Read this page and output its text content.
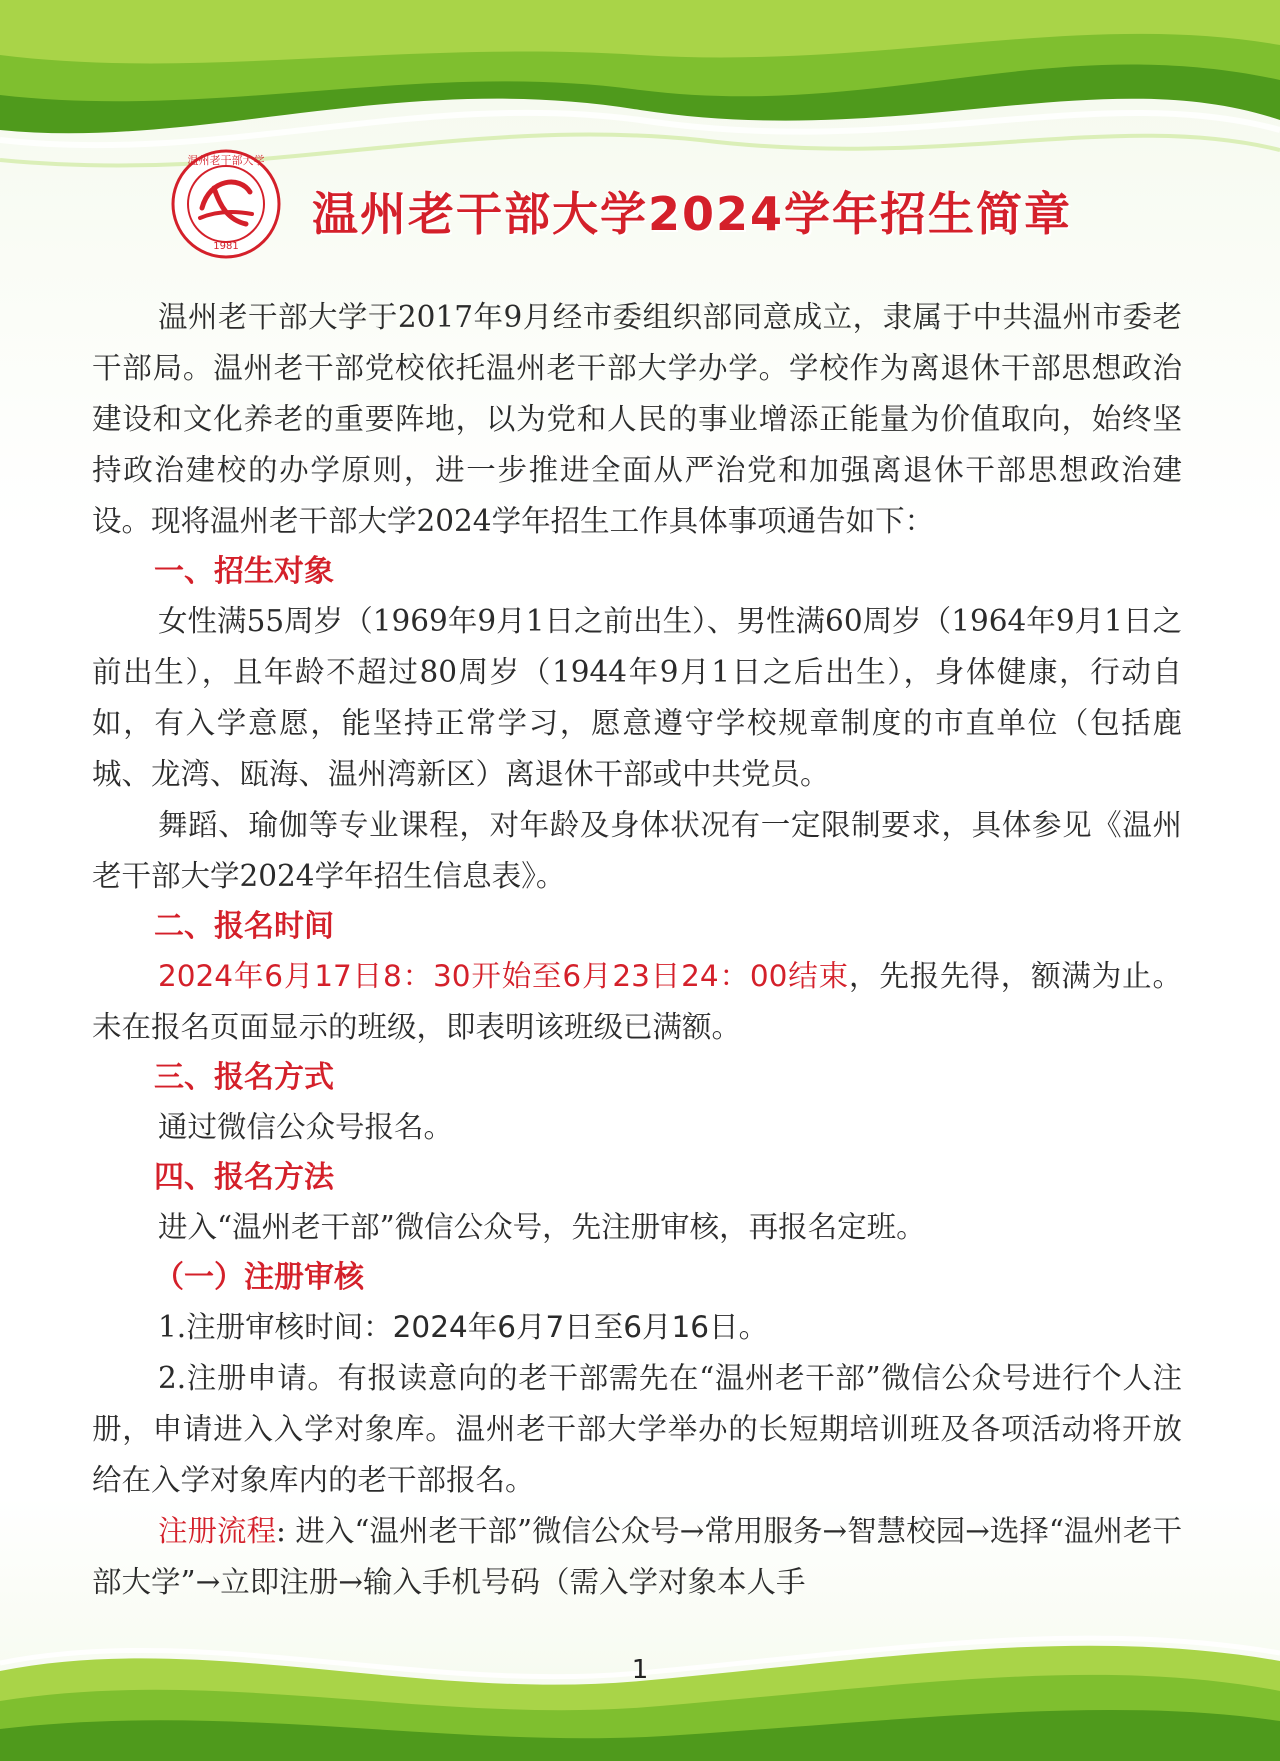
温州老干部大学
1981
温州老干部大学2024学年招生简章

温州老干部大学于2017年9月经市委组织部同意成立，隶属于中共温州市委老干部局。温州老干部党校依托温州老干部大学办学。学校作为离退休干部思想政治建设和文化养老的重要阵地，以为党和人民的事业增添正能量为价值取向，始终坚持政治建校的办学原则，进一步推进全面从严治党和加强离退休干部思想政治建设。现将温州老干部大学2024学年招生工作具体事项通告如下：

一、招生对象

女性满55周岁（1969年9月1日之前出生）、男性满60周岁（1964年9月1日之前出生），且年龄不超过80周岁（1944年9月1日之后出生），身体健康，行动自如，有入学意愿，能坚持正常学习，愿意遵守学校规章制度的市直单位（包括鹿城、龙湾、瓯海、温州湾新区）离退休干部或中共党员。

舞蹈、瑜伽等专业课程，对年龄及身体状况有一定限制要求，具体参见《温州老干部大学2024学年招生信息表》。

二、报名时间

2024年6月17日8：30开始至6月23日24：00结束，先报先得，额满为止。未在报名页面显示的班级，即表明该班级已满额。

三、报名方式

通过微信公众号报名。

四、报名方法

进入“温州老干部”微信公众号，先注册审核，再报名定班。

（一）注册审核

1.注册审核时间：2024年6月7日至6月16日。

2.注册申请。有报读意向的老干部需先在“温州老干部”微信公众号进行个人注册，申请进入入学对象库。温州老干部大学举办的长短期培训班及各项活动将开放给在入学对象库内的老干部报名。

注册流程: 进入“温州老干部”微信公众号→常用服务→智慧校园→选择“温州老干部大学”→立即注册→输入手机号码（需入学对象本人手

1
